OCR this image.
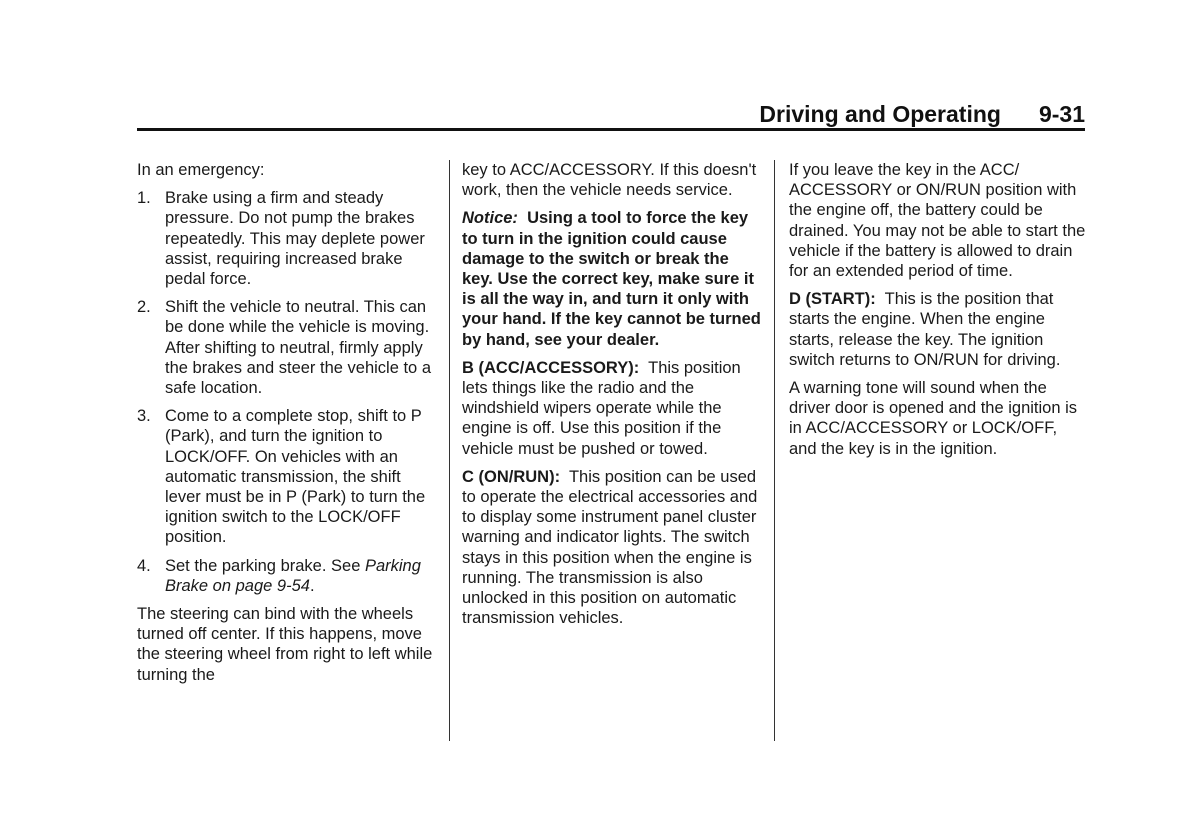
Driving and Operating 9-31

In an emergency:

1. Brake using a firm and steady pressure. Do not pump the brakes repeatedly. This may deplete power assist, requiring increased brake pedal force.
2. Shift the vehicle to neutral. This can be done while the vehicle is moving. After shifting to neutral, firmly apply the brakes and steer the vehicle to a safe location.
3. Come to a complete stop, shift to P (Park), and turn the ignition to LOCK/OFF. On vehicles with an automatic transmission, the shift lever must be in P (Park) to turn the ignition switch to the LOCK/OFF position.
4. Set the parking brake. See Parking Brake on page 9-54.

The steering can bind with the wheels turned off center. If this happens, move the steering wheel from right to left while turning the

key to ACC/ACCESSORY. If this doesn't work, then the vehicle needs service.

Notice: Using a tool to force the key to turn in the ignition could cause damage to the switch or break the key. Use the correct key, make sure it is all the way in, and turn it only with your hand. If the key cannot be turned by hand, see your dealer.

B (ACC/ACCESSORY): This position lets things like the radio and the windshield wipers operate while the engine is off. Use this position if the vehicle must be pushed or towed.

C (ON/RUN): This position can be used to operate the electrical accessories and to display some instrument panel cluster warning and indicator lights. The switch stays in this position when the engine is running. The transmission is also unlocked in this position on automatic transmission vehicles.

If you leave the key in the ACC/ ACCESSORY or ON/RUN position with the engine off, the battery could be drained. You may not be able to start the vehicle if the battery is allowed to drain for an extended period of time.

D (START): This is the position that starts the engine. When the engine starts, release the key. The ignition switch returns to ON/RUN for driving.

A warning tone will sound when the driver door is opened and the ignition is in ACC/ACCESSORY or LOCK/OFF, and the key is in the ignition.
